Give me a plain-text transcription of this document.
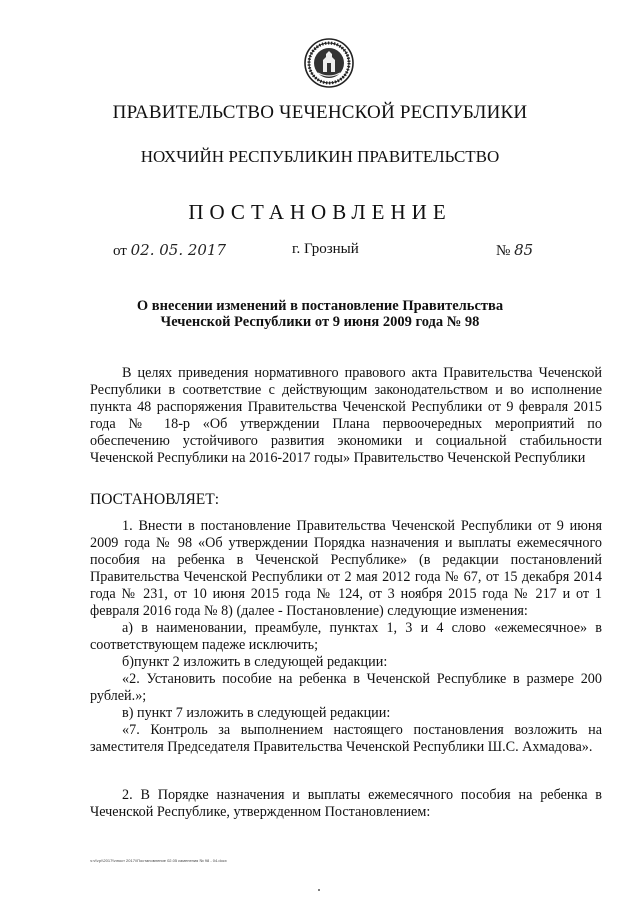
ПРАВИТЕЛЬСТВО ЧЕЧЕНСКОЙ РЕСПУБЛИКИ
НОХЧИЙН РЕСПУБЛИКИН ПРАВИТЕЛЬСТВО
ПОСТАНОВЛЕНИЕ
от 02. 05. 2017	г. Грозный	№ 85
О внесении изменений в постановление Правительства
Чеченской Республики от 9 июня 2009 года № 98

В целях приведения нормативного правового акта Правительства Чеченской Республики в соответствие с действующим законодательством и во исполнение пункта 48 распоряжения Правительства Чеченской Республики от 9 февраля 2015 года № 18-р «Об утверждении Плана первоочередных мероприятий по обеспечению устойчивого развития экономики и социальной стабильности Чеченской Республики на 2016-2017 годы» Правительство Чеченской Республики

ПОСТАНОВЛЯЕТ:

1. Внести в постановление Правительства Чеченской Республики от 9 июня 2009 года № 98 «Об утверждении Порядка назначения и выплаты ежемесячного пособия на ребенка в Чеченской Республике» (в редакции постановлений Правительства Чеченской Республики от 2 мая 2012 года № 67, от 15 декабря 2014 года № 231, от 10 июня 2015 года № 124, от 3 ноября 2015 года № 217 и от 1 февраля 2016 года № 8) (далее - Постановление) следующие изменения:

а) в наименовании, преамбуле, пунктах 1, 3 и 4 слово «ежемесячное» в соответствующем падеже исключить;

б)пункт 2 изложить в следующей редакции:

«2. Установить пособие на ребенка в Чеченской Республике в размере 200 рублей.»;

в) пункт 7 изложить в следующей редакции:

«7. Контроль за выполнением настоящего постановления возложить на заместителя Председателя Правительства Чеченской Республики Ш.С. Ахмадова».

2. В Порядке назначения и выплаты ежемесячного пособия на ребенка в Чеченской Республике, утвержденном Постановлением:

ч:ч\\гр\\2017\\ппост 2017\\Постановление 02.05 изменения № 98 - 04.docx
